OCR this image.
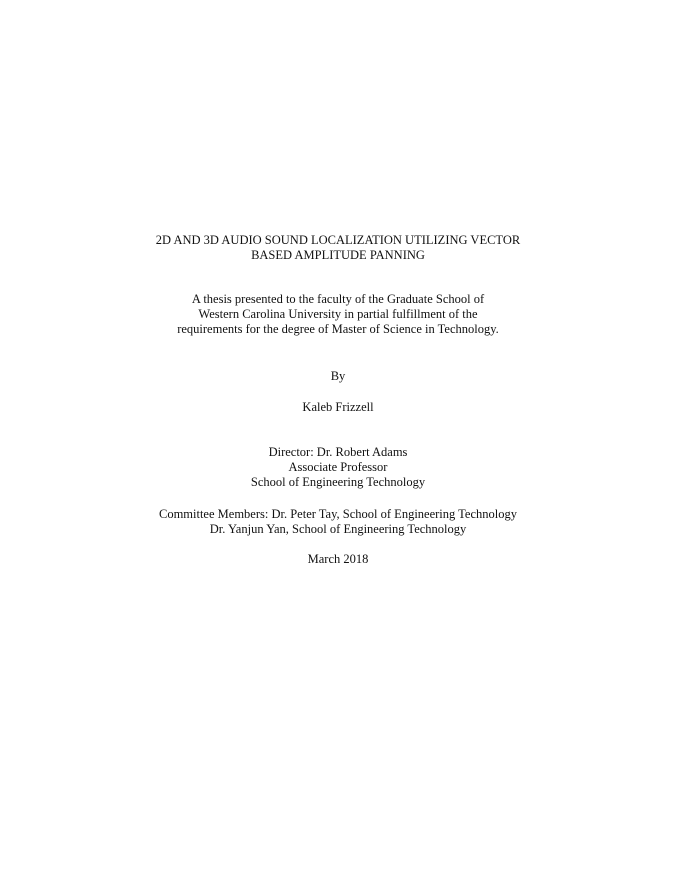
2D AND 3D AUDIO SOUND LOCALIZATION UTILIZING VECTOR
BASED AMPLITUDE PANNING
A thesis presented to the faculty of the Graduate School of
Western Carolina University in partial fulfillment of the
requirements for the degree of Master of Science in Technology.
By
Kaleb Frizzell
Director: Dr. Robert Adams
Associate Professor
School of Engineering Technology
Committee Members: Dr. Peter Tay, School of Engineering Technology
Dr. Yanjun Yan, School of Engineering Technology
March 2018
